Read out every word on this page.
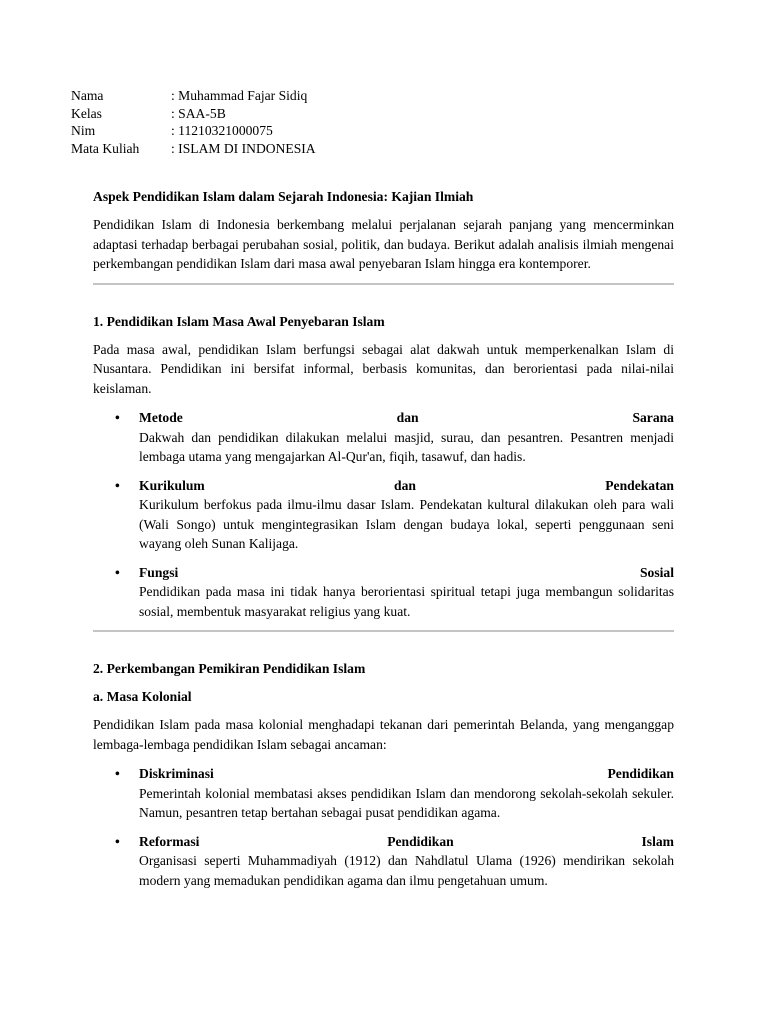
Nama	: Muhammad Fajar Sidiq
Kelas	: SAA-5B
Nim	: 11210321000075
Mata Kuliah	: ISLAM DI INDONESIA
Aspek Pendidikan Islam dalam Sejarah Indonesia: Kajian Ilmiah

Pendidikan Islam di Indonesia berkembang melalui perjalanan sejarah panjang yang mencerminkan adaptasi terhadap berbagai perubahan sosial, politik, dan budaya. Berikut adalah analisis ilmiah mengenai perkembangan pendidikan Islam dari masa awal penyebaran Islam hingga era kontemporer.

1. Pendidikan Islam Masa Awal Penyebaran Islam

Pada masa awal, pendidikan Islam berfungsi sebagai alat dakwah untuk memperkenalkan Islam di Nusantara. Pendidikan ini bersifat informal, berbasis komunitas, dan berorientasi pada nilai-nilai keislaman.

• Metode	dan	Sarana
Dakwah dan pendidikan dilakukan melalui masjid, surau, dan pesantren. Pesantren menjadi lembaga utama yang mengajarkan Al-Qur'an, fiqih, tasawuf, dan hadis.
• Kurikulum	dan	Pendekatan
Kurikulum berfokus pada ilmu-ilmu dasar Islam. Pendekatan kultural dilakukan oleh para wali (Wali Songo) untuk mengintegrasikan Islam dengan budaya lokal, seperti penggunaan seni wayang oleh Sunan Kalijaga.
• Fungsi	Sosial
Pendidikan pada masa ini tidak hanya berorientasi spiritual tetapi juga membangun solidaritas sosial, membentuk masyarakat religius yang kuat.
2. Perkembangan Pemikiran Pendidikan Islam
a. Masa Kolonial

Pendidikan Islam pada masa kolonial menghadapi tekanan dari pemerintah Belanda, yang menganggap lembaga-lembaga pendidikan Islam sebagai ancaman:

• Diskriminasi	Pendidikan
Pemerintah kolonial membatasi akses pendidikan Islam dan mendorong sekolah-sekolah sekuler. Namun, pesantren tetap bertahan sebagai pusat pendidikan agama.
• Reformasi	Pendidikan	Islam
Organisasi seperti Muhammadiyah (1912) dan Nahdlatul Ulama (1926) mendirikan sekolah modern yang memadukan pendidikan agama dan ilmu pengetahuan umum.
